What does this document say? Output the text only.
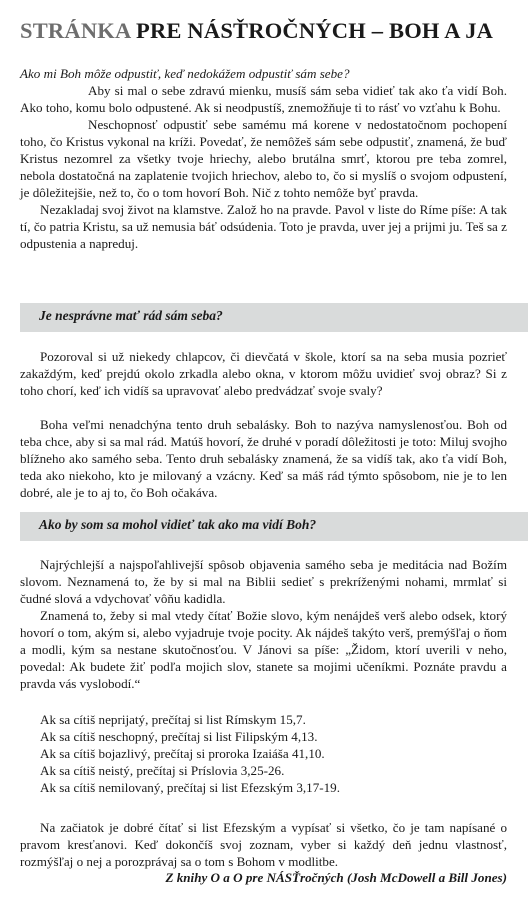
STRÁNKA PRE NÁSŤROČNÝCH – BOH A JA

Ako mi Boh môže odpustiť, keď nedokážem odpustiť sám sebe?

Aby si mal o sebe zdravú mienku, musíš sám seba vidieť tak ako ťa vidí Boh. Ako toho, komu bolo odpustené. Ak si neodpustíš, znemožňuje ti to rásť vo vzťahu k Bohu.

Neschopnosť odpustiť sebe samému má korene v nedostatočnom pochopení toho, čo Kristus vykonal na kríži. Povedať, že nemôžeš sám sebe odpustiť, znamená, že buď Kristus nezomrel za všetky tvoje hriechy, alebo brutálna smrť, ktorou pre teba zomrel, nebola dostatočná na zaplatenie tvojich hriechov, alebo to, čo si myslíš o svojom odpustení, je dôležitejšie, než to, čo o tom hovorí Boh. Nič z tohto nemôže byť pravda.

Nezakladaj svoj život na klamstve. Založ ho na pravde. Pavol v liste do Ríme píše: A tak tí, čo patria Kristu, sa už nemusia báť odsúdenia. Toto je pravda, uver jej a prijmi ju. Teš sa z odpustenia a napreduj.

Je nesprávne mať rád sám seba?

Pozoroval si už niekedy chlapcov, či dievčatá v škole, ktorí sa na seba musia pozrieť zakaždým, keď prejdú okolo zrkadla alebo okna, v ktorom môžu uvidieť svoj obraz? Si z toho chorí, keď ich vidíš sa upravovať alebo predvádzať svoje svaly?

Boha veľmi nenadchýna tento druh sebalásky. Boh to nazýva namyslenosťou. Boh od teba chce, aby si sa mal rád. Matúš hovorí, že druhé v poradí dôležitosti je toto: Miluj svojho blížneho ako samého seba. Tento druh sebalásky znamená, že sa vidíš tak, ako ťa vidí Boh, teda ako niekoho, kto je milovaný a vzácny. Keď sa máš rád týmto spôsobom, nie je to len dobré, ale je to aj to, čo Boh očakáva.

Ako by som sa mohol vidieť tak ako ma vidí Boh?

Najrýchlejší a najspoľahlivejší spôsob objavenia samého seba je meditácia nad Božím slovom. Neznamená to, že by si mal na Biblii sedieť s prekríženými nohami, mrmlať si čudné slová a vdychovať vôňu kadidla.

Znamená to, žeby si mal vtedy čítať Božie slovo, kým nenájdeš verš alebo odsek, ktorý hovorí o tom, akým si, alebo vyjadruje tvoje pocity. Ak nájdeš takýto verš, premýšľaj o ňom a modli, kým sa nestane skutočnosťou. V Jánovi sa píše: „Židom, ktorí uverili v neho, povedal: Ak budete žiť podľa mojich slov, stanete sa mojimi učeníkmi. Poznáte pravdu a pravda vás vyslobodí.“

Ak sa cítiš neprijatý, prečítaj si list Rímskym 15,7.
Ak sa cítiš neschopný, prečítaj si list Filipským 4,13.
Ak sa cítiš bojazlivý, prečítaj si proroka Izaiáša 41,10.
Ak sa cítiš neistý, prečítaj si Príslovia 3,25-26.
Ak sa cítiš nemilovaný, prečítaj si list Efezským 3,17-19.

Na začiatok je dobré čítať si list Efezským a vypísať si všetko, čo je tam napísané o pravom kresťanovi. Keď dokončíš svoj zoznam, vyber si každý deň jednu vlastnosť, rozmýšľaj o nej a porozprávaj sa o tom s Bohom v modlitbe.

Z knihy O a O pre NÁSŤročných (Josh McDowell a Bill Jones)
